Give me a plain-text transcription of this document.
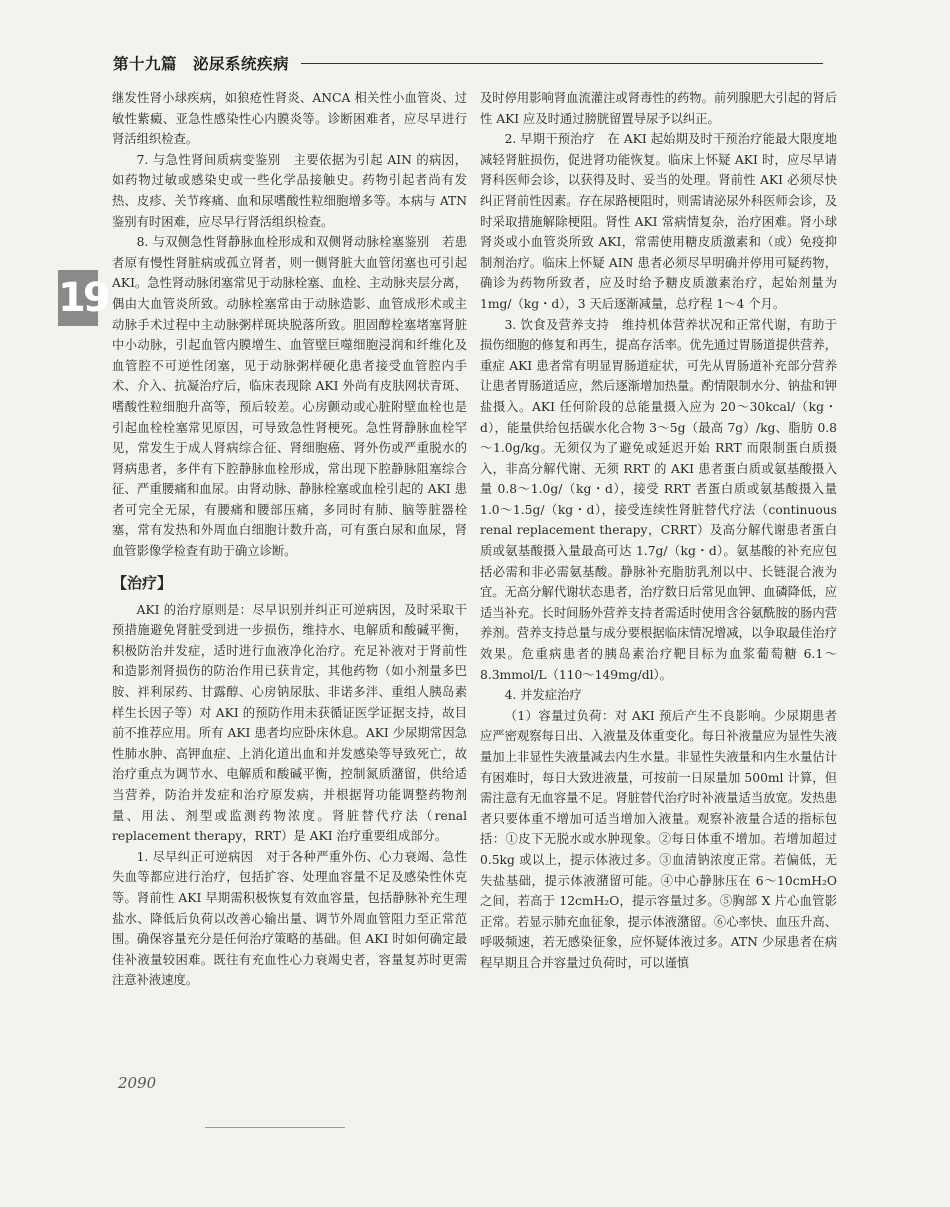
第十九篇　泌尿系统疾病
19

继发性肾小球疾病，如狼疮性肾炎、ANCA 相关性小血管炎、过敏性紫癜、亚急性感染性心内膜炎等。诊断困难者，应尽早进行肾活组织检查。

7. 与急性肾间质病变鉴别　主要依据为引起 AIN 的病因，如药物过敏或感染史或一些化学品接触史。药物引起者尚有发热、皮疹、关节疼痛、血和尿嗜酸性粒细胞增多等。本病与 ATN 鉴别有时困难，应尽早行肾活组织检查。

8. 与双侧急性肾静脉血栓形成和双侧肾动脉栓塞鉴别　若患者原有慢性肾脏病或孤立肾者，则一侧肾脏大血管闭塞也可引起 AKI。急性肾动脉闭塞常见于动脉栓塞、血栓、主动脉夹层分离，偶由大血管炎所致。动脉栓塞常由于动脉造影、血管成形术或主动脉手术过程中主动脉粥样斑块脱落所致。胆固醇栓塞堵塞肾脏中小动脉，引起血管内膜增生、血管壁巨噬细胞浸润和纤维化及血管腔不可逆性闭塞，见于动脉粥样硬化患者接受血管腔内手术、介入、抗凝治疗后，临床表现除 AKI 外尚有皮肤网状青斑、嗜酸性粒细胞升高等，预后较差。心房颤动或心脏附壁血栓也是引起血栓栓塞常见原因，可导致急性肾梗死。急性肾静脉血栓罕见，常发生于成人肾病综合征、肾细胞癌、肾外伤或严重脱水的肾病患者，多伴有下腔静脉血栓形成，常出现下腔静脉阻塞综合征、严重腰痛和血尿。由肾动脉、静脉栓塞或血栓引起的 AKI 患者可完全无尿，有腰痛和腰部压痛，多同时有肺、脑等脏器栓塞，常有发热和外周血白细胞计数升高，可有蛋白尿和血尿，肾血管影像学检查有助于确立诊断。

【治疗】

AKI 的治疗原则是：尽早识别并纠正可逆病因，及时采取干预措施避免肾脏受到进一步损伤，维持水、电解质和酸碱平衡，积极防治并发症，适时进行血液净化治疗。充足补液对于肾前性和造影剂肾损伤的防治作用已获肯定，其他药物（如小剂量多巴胺、袢利尿药、甘露醇、心房钠尿肽、非诺多泮、重组人胰岛素样生长因子等）对 AKI 的预防作用未获循证医学证据支持，故目前不推荐应用。所有 AKI 患者均应卧床休息。AKI 少尿期常因急性肺水肿、高钾血症、上消化道出血和并发感染等导致死亡，故治疗重点为调节水、电解质和酸碱平衡，控制氮质潴留，供给适当营养，防治并发症和治疗原发病，并根据肾功能调整药物剂量、用法、剂型或监测药物浓度。肾脏替代疗法（renal replacement therapy，RRT）是 AKI 治疗重要组成部分。

1. 尽早纠正可逆病因　对于各种严重外伤、心力衰竭、急性失血等都应进行治疗，包括扩容、处理血容量不足及感染性休克等。肾前性 AKI 早期需积极恢复有效血容量，包括静脉补充生理盐水、降低后负荷以改善心输出量、调节外周血管阻力至正常范围。确保容量充分是任何治疗策略的基础。但 AKI 时如何确定最佳补液量较困难。既往有充血性心力衰竭史者，容量复苏时更需注意补液速度。

及时停用影响肾血流灌注或肾毒性的药物。前列腺肥大引起的肾后性 AKI 应及时通过膀胱留置导尿予以纠正。

2. 早期干预治疗　在 AKI 起始期及时干预治疗能最大限度地减轻肾脏损伤，促进肾功能恢复。临床上怀疑 AKI 时，应尽早请肾科医师会诊，以获得及时、妥当的处理。肾前性 AKI 必须尽快纠正肾前性因素。存在尿路梗阻时，则需请泌尿外科医师会诊，及时采取措施解除梗阻。肾性 AKI 常病情复杂，治疗困难。肾小球肾炎或小血管炎所致 AKI，常需使用糖皮质激素和（或）免疫抑制剂治疗。临床上怀疑 AIN 患者必须尽早明确并停用可疑药物，确诊为药物所致者，应及时给予糖皮质激素治疗，起始剂量为 1mg/（kg・d），3 天后逐渐减量，总疗程 1～4 个月。

3. 饮食及营养支持　维持机体营养状况和正常代谢，有助于损伤细胞的修复和再生，提高存活率。优先通过胃肠道提供营养，重症 AKI 患者常有明显胃肠道症状，可先从胃肠道补充部分营养让患者胃肠道适应，然后逐渐增加热量。酌情限制水分、钠盐和钾盐摄入。AKI 任何阶段的总能量摄入应为 20～30kcal/（kg・d），能量供给包括碳水化合物 3～5g（最高 7g）/kg、脂肪 0.8～1.0g/kg。无须仅为了避免或延迟开始 RRT 而限制蛋白质摄入，非高分解代谢、无须 RRT 的 AKI 患者蛋白质或氨基酸摄入量 0.8～1.0g/（kg・d），接受 RRT 者蛋白质或氨基酸摄入量 1.0～1.5g/（kg・d），接受连续性肾脏替代疗法（continuous renal replacement therapy，CRRT）及高分解代谢患者蛋白质或氨基酸摄入量最高可达 1.7g/（kg・d）。氨基酸的补充应包括必需和非必需氨基酸。静脉补充脂肪乳剂以中、长链混合液为宜。无高分解代谢状态患者，治疗数日后常见血钾、血磷降低，应适当补充。长时间肠外营养支持者需适时使用含谷氨酰胺的肠内营养剂。营养支持总量与成分要根据临床情况增减，以争取最佳治疗效果。危重病患者的胰岛素治疗靶目标为血浆葡萄糖 6.1～8.3mmol/L（110～149mg/dl）。

4. 并发症治疗

（1）容量过负荷：对 AKI 预后产生不良影响。少尿期患者应严密观察每日出、入液量及体重变化。每日补液量应为显性失液量加上非显性失液量减去内生水量。非显性失液量和内生水量估计有困难时，每日大致进液量，可按前一日尿量加 500ml 计算，但需注意有无血容量不足。肾脏替代治疗时补液量适当放宽。发热患者只要体重不增加可适当增加入液量。观察补液量合适的指标包括：①皮下无脱水或水肿现象。②每日体重不增加。若增加超过 0.5kg 或以上，提示体液过多。③血清钠浓度正常。若偏低，无失盐基础，提示体液潴留可能。④中心静脉压在 6～10cmH₂O 之间，若高于 12cmH₂O，提示容量过多。⑤胸部 X 片心血管影正常。若显示肺充血征象，提示体液潴留。⑥心率快、血压升高、呼吸频速，若无感染征象，应怀疑体液过多。ATN 少尿患者在病程早期且合并容量过负荷时，可以谨慎

2090
